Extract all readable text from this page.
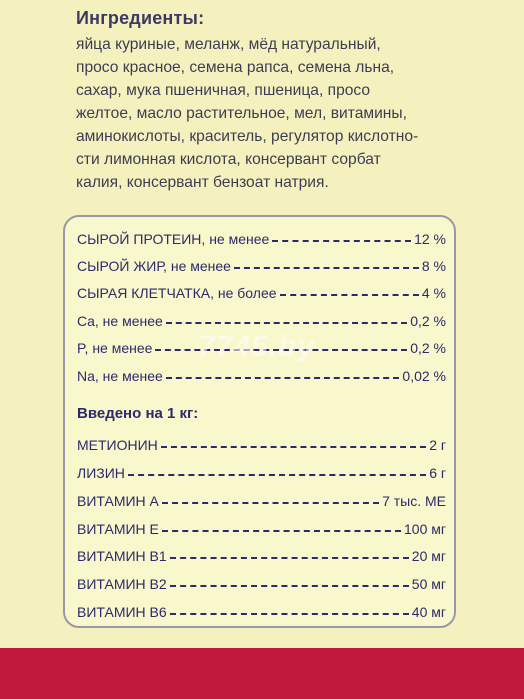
Ингредиенты:
яйца куриные, меланж, мёд натуральный,
просо красное, семена рапса, семена льна,
сахар, мука пшеничная, пшеница, просо
желтое, масло растительное, мел, витамины,
аминокислоты, краситель, регулятор кислотно-
сти лимонная кислота, консервант сорбат
калия, консервант бензоат натрия.
СЫРОЙ ПРОТЕИН, не менее	12 %
СЫРОЙ ЖИР, не менее	8 %
СЫРАЯ КЛЕТЧАТКА, не более	4 %
Ca, не менее	0,2 %
P, не менее	0,2 %
Na, не менее	0,02 %
Введено на 1 кг:
МЕТИОНИН	2 г
ЛИЗИН	6 г
ВИТАМИН А	7 тыс. МЕ
ВИТАМИН Е	100 мг
ВИТАМИН В1	20 мг
ВИТАМИН В2	50 мг
ВИТАМИН В6	40 мг
7745.by
